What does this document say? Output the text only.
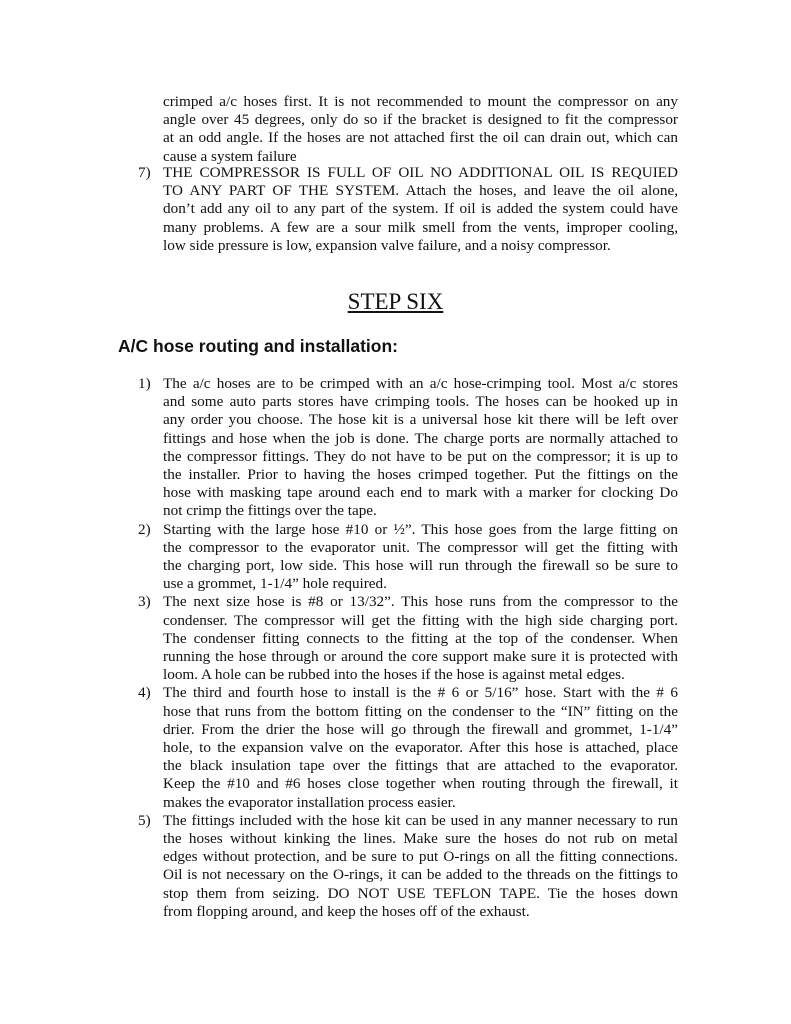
crimped a/c hoses first. It is not recommended to mount the compressor on any
angle over 45 degrees, only do so if the bracket is designed to fit the compressor
at an odd angle. If the hoses are not attached first the oil can drain out, which can
cause a system failure
7) THE COMPRESSOR IS FULL OF OIL NO ADDITIONAL OIL IS REQUIED
TO ANY PART OF THE SYSTEM. Attach the hoses, and leave the oil alone,
don’t add any oil to any part of the system. If oil is added the system could have
many problems. A few are a sour milk smell from the vents, improper cooling,
low side pressure is low, expansion valve failure, and a noisy compressor.
STEP SIX
A/C hose routing and installation:
1) The a/c hoses are to be crimped with an a/c hose-crimping tool. Most a/c stores
and some auto parts stores have crimping tools. The hoses can be hooked up in
any order you choose. The hose kit is a universal hose kit there will be left over
fittings and hose when the job is done. The charge ports are normally attached to
the compressor fittings. They do not have to be put on the compressor; it is up to
the installer. Prior to having the hoses crimped together. Put the fittings on the
hose with masking tape around each end to mark with a marker for clocking Do
not crimp the fittings over the tape.
2) Starting with the large hose #10 or ½”. This hose goes from the large fitting on
the compressor to the evaporator unit. The compressor will get the fitting with
the charging port, low side. This hose will run through the firewall so be sure to
use a grommet, 1-1/4” hole required.
3) The next size hose is #8 or 13/32”. This hose runs from the compressor to the
condenser. The compressor will get the fitting with the high side charging port.
The condenser fitting connects to the fitting at the top of the condenser. When
running the hose through or around the core support make sure it is protected with
loom. A hole can be rubbed into the hoses if the hose is against metal edges.
4) The third and fourth hose to install is the # 6 or 5/16” hose. Start with the # 6
hose that runs from the bottom fitting on the condenser to the “IN” fitting on the
drier. From the drier the hose will go through the firewall and grommet, 1-1/4”
hole, to the expansion valve on the evaporator. After this hose is attached, place
the black insulation tape over the fittings that are attached to the evaporator.
Keep the #10 and #6 hoses close together when routing through the firewall, it
makes the evaporator installation process easier.
5) The fittings included with the hose kit can be used in any manner necessary to run
the hoses without kinking the lines. Make sure the hoses do not rub on metal
edges without protection, and be sure to put O-rings on all the fitting connections.
Oil is not necessary on the O-rings, it can be added to the threads on the fittings to
stop them from seizing. DO NOT USE TEFLON TAPE. Tie the hoses down
from flopping around, and keep the hoses off of the exhaust.
